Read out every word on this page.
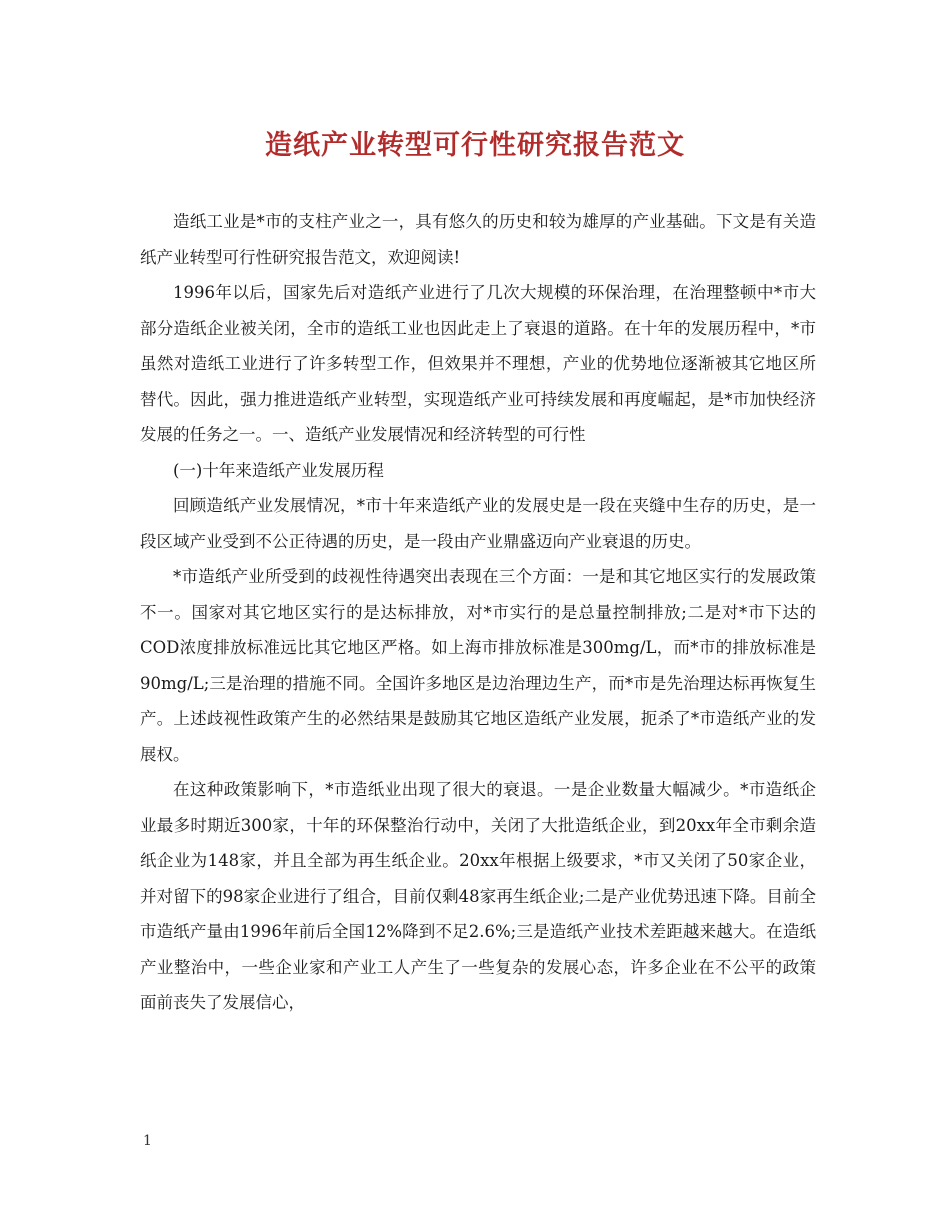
造纸产业转型可行性研究报告范文

造纸工业是*市的支柱产业之一，具有悠久的历史和较为雄厚的产业基础。下文是有关造纸产业转型可行性研究报告范文，欢迎阅读!

1996年以后，国家先后对造纸产业进行了几次大规模的环保治理，在治理整顿中*市大部分造纸企业被关闭，全市的造纸工业也因此走上了衰退的道路。在十年的发展历程中，*市虽然对造纸工业进行了许多转型工作，但效果并不理想，产业的优势地位逐渐被其它地区所替代。因此，强力推进造纸产业转型，实现造纸产业可持续发展和再度崛起，是*市加快经济发展的任务之一。一、造纸产业发展情况和经济转型的可行性

(一)十年来造纸产业发展历程

回顾造纸产业发展情况，*市十年来造纸产业的发展史是一段在夹缝中生存的历史，是一段区域产业受到不公正待遇的历史，是一段由产业鼎盛迈向产业衰退的历史。

*市造纸产业所受到的歧视性待遇突出表现在三个方面：一是和其它地区实行的发展政策不一。国家对其它地区实行的是达标排放，对*市实行的是总量控制排放;二是对*市下达的COD浓度排放标准远比其它地区严格。如上海市排放标准是300mg/L，而*市的排放标准是90mg/L;三是治理的措施不同。全国许多地区是边治理边生产，而*市是先治理达标再恢复生产。上述歧视性政策产生的必然结果是鼓励其它地区造纸产业发展，扼杀了*市造纸产业的发展权。

在这种政策影响下，*市造纸业出现了很大的衰退。一是企业数量大幅减少。*市造纸企业最多时期近300家，十年的环保整治行动中，关闭了大批造纸企业，到20xx年全市剩余造纸企业为148家，并且全部为再生纸企业。20xx年根据上级要求，*市又关闭了50家企业，并对留下的98家企业进行了组合，目前仅剩48家再生纸企业;二是产业优势迅速下降。目前全市造纸产量由1996年前后全国12%降到不足2.6%;三是造纸产业技术差距越来越大。在造纸产业整治中，一些企业家和产业工人产生了一些复杂的发展心态，许多企业在不公平的政策面前丧失了发展信心，

1
